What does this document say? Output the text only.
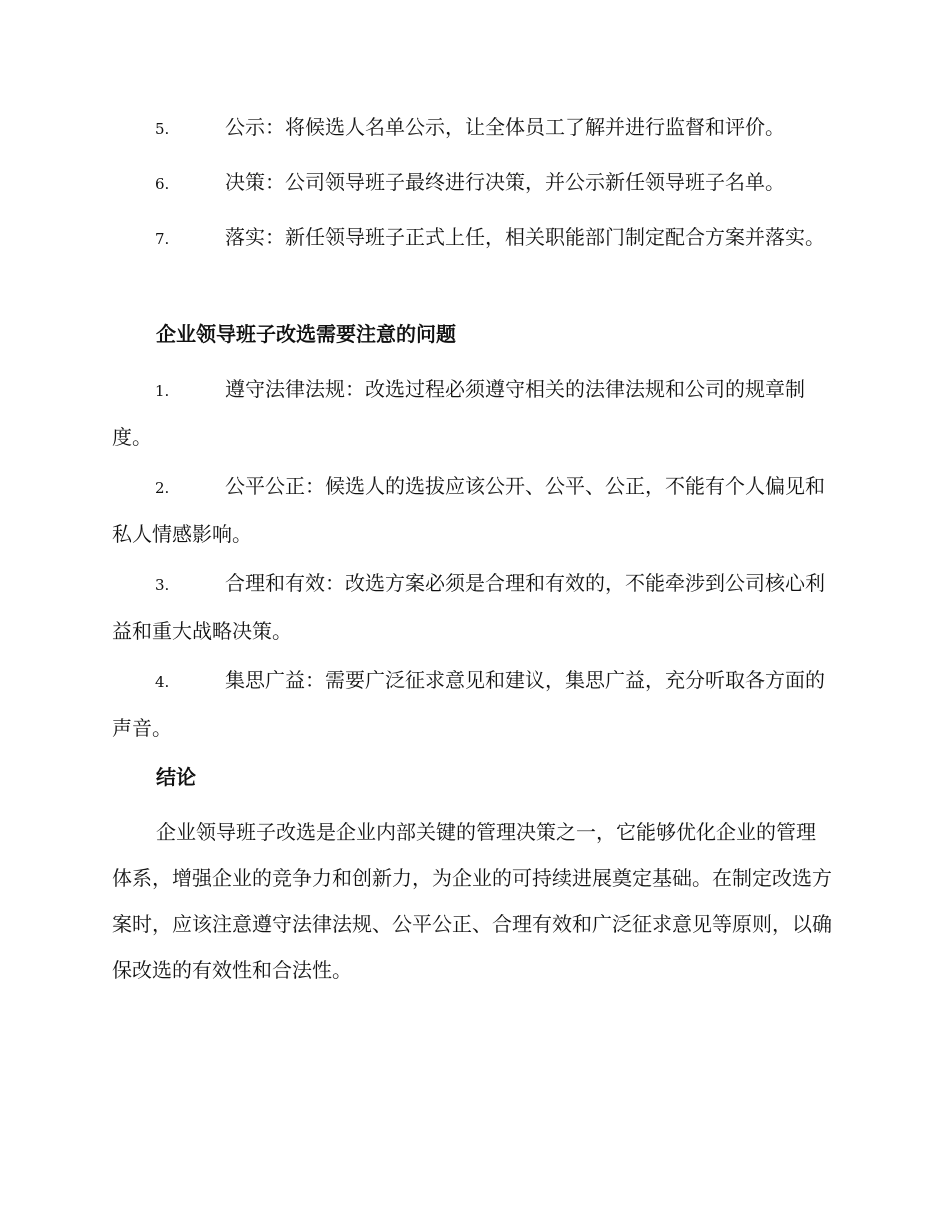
5.	公示：将候选人名单公示，让全体员工了解并进行监督和评价。
6.	决策：公司领导班子最终进行决策，并公示新任领导班子名单。
7.	落实：新任领导班子正式上任，相关职能部门制定配合方案并落实。
企业领导班子改选需要注意的问题
1.	遵守法律法规：改选过程必须遵守相关的法律法规和公司的规章制度。
2.	公平公正：候选人的选拔应该公开、公平、公正，不能有个人偏见和私人情感影响。
3.	合理和有效：改选方案必须是合理和有效的，不能牵涉到公司核心利益和重大战略决策。
4.	集思广益：需要广泛征求意见和建议，集思广益，充分听取各方面的声音。
结论
企业领导班子改选是企业内部关键的管理决策之一，它能够优化企业的管理体系，增强企业的竞争力和创新力，为企业的可持续进展奠定基础。在制定改选方案时，应该注意遵守法律法规、公平公正、合理有效和广泛征求意见等原则，以确保改选的有效性和合法性。
